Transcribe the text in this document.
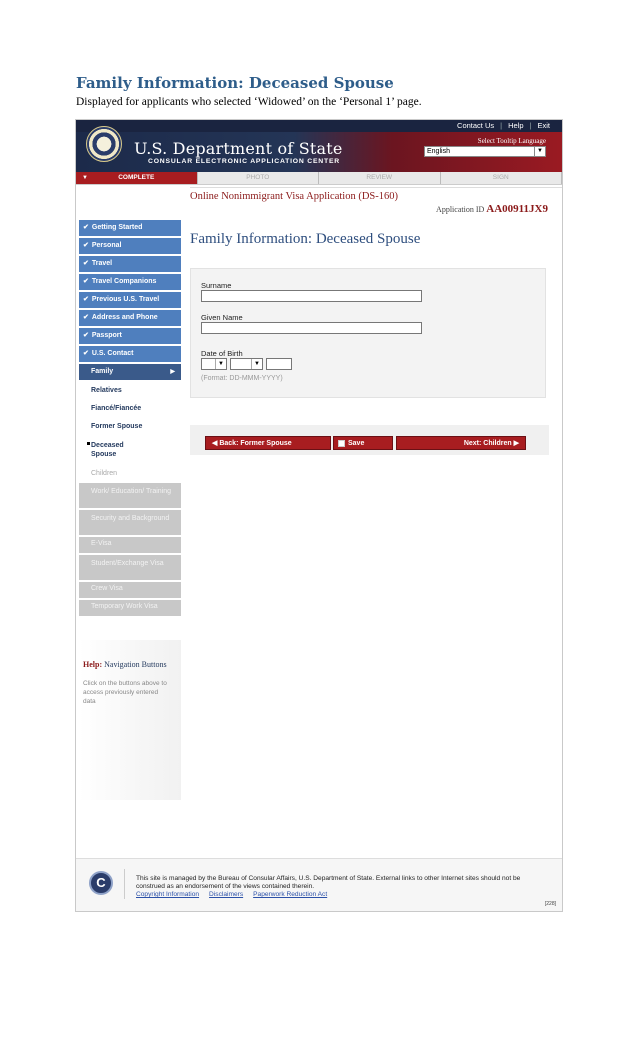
Family Information: Deceased Spouse
Displayed for applicants who selected ‘Widowed’ on the ‘Personal 1’ page.
Contact Us | Help | Exit
U.S. Department of State
CONSULAR ELECTRONIC APPLICATION CENTER
Select Tooltip Language
English	▼
▼ COMPLETE	PHOTO	REVIEW	SIGN
Online Nonimmigrant Visa Application (DS-160)
Application ID AA00911JX9
✔ Getting Started
✔ Personal
✔ Travel
✔ Travel Companions
✔ Previous U.S. Travel
✔ Address and Phone
✔ Passport
✔ U.S. Contact
Family ▶
Relatives
Fiancé/Fiancée
Former Spouse
Deceased Spouse
Children
Work/ Education/ Training
Security and Background
E-Visa
Student/Exchange Visa
Crew Visa
Temporary Work Visa
Help: Navigation Buttons
Click on the buttons above to access previously entered data
Family Information: Deceased Spouse
Surname
Given Name
Date of Birth
▼	▼
(Format: DD-MMM-YYYY)
◀ Back: Former Spouse	Save	Next: Children ▶
C	This site is managed by the Bureau of Consular Affairs, U.S. Department of State. External links to other Internet sites should not be construed as an endorsement of the views contained therein.
Copyright Information Disclaimers Paperwork Reduction Act
[228]
